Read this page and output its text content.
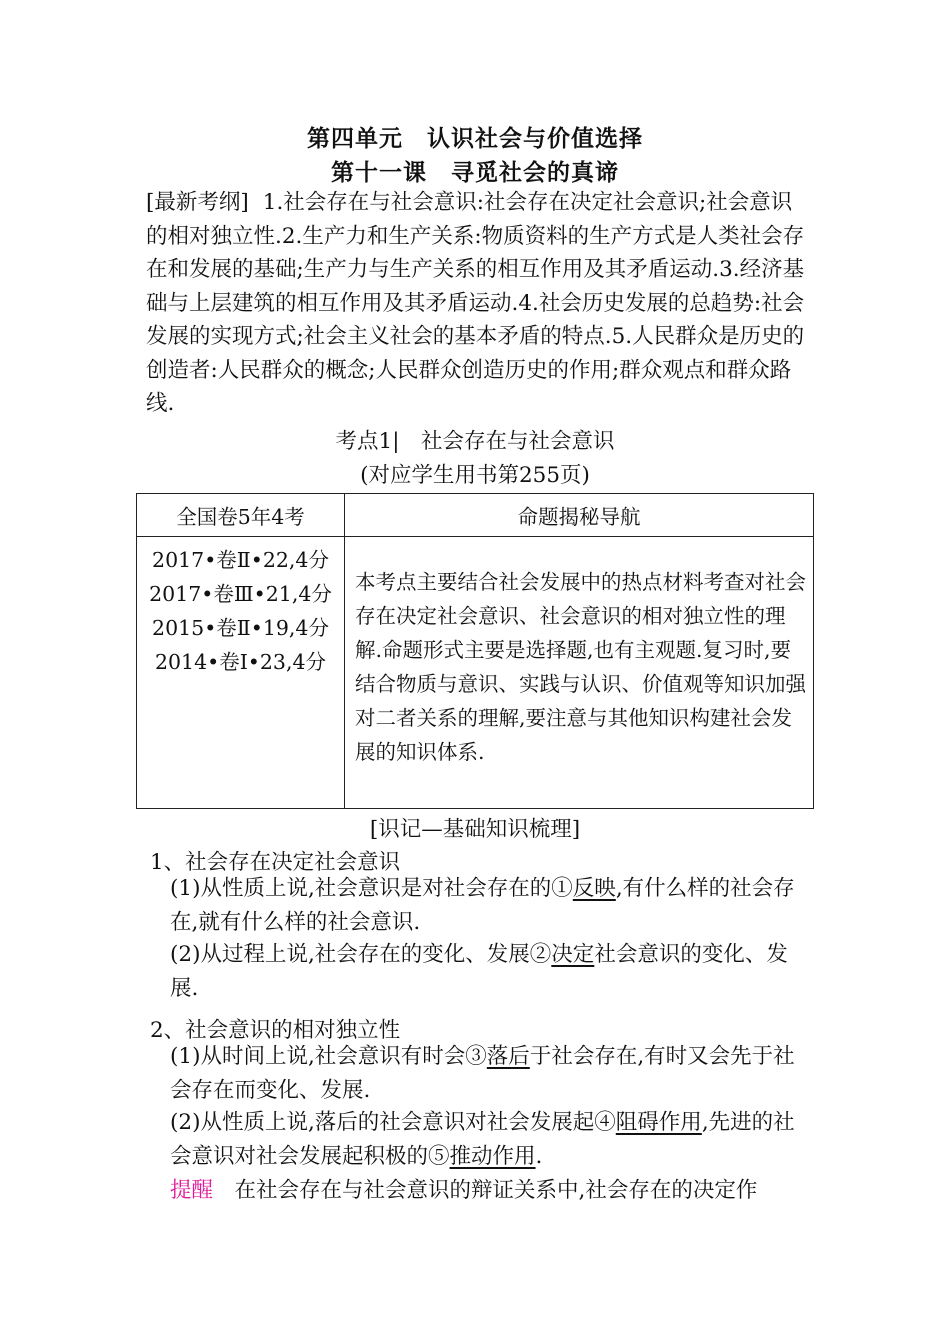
第四单元　认识社会与价值选择
第十一课　寻觅社会的真谛
[最新考纲] 1.社会存在与社会意识:社会存在决定社会意识;社会意识的相对独立性.2.生产力和生产关系:物质资料的生产方式是人类社会存在和发展的基础;生产力与生产关系的相互作用及其矛盾运动.3.经济基础与上层建筑的相互作用及其矛盾运动.4.社会历史发展的总趋势:社会发展的实现方式;社会主义社会的基本矛盾的特点.5.人民群众是历史的创造者:人民群众的概念;人民群众创造历史的作用;群众观点和群众路线.
考点1|　社会存在与社会意识
(对应学生用书第255页)
全国卷5年4考	命题揭秘导航

2017•卷Ⅱ•22,4分
2017•卷Ⅲ•21,4分
2015•卷Ⅱ•19,4分
2014•卷Ⅰ•23,4分	本考点主要结合社会发展中的热点材料考查对社会存在决定社会意识、社会意识的相对独立性的理解.命题形式主要是选择题,也有主观题.复习时,要结合物质与意识、实践与认识、价值观等知识加强对二者关系的理解,要注意与其他知识构建社会发展的知识体系.
[识记—基础知识梳理]
1、社会存在决定社会意识
(1)从性质上说,社会意识是对社会存在的①反映,有什么样的社会存在,就有什么样的社会意识.
(2)从过程上说,社会存在的变化、发展②决定社会意识的变化、发展.
2、社会意识的相对独立性
(1)从时间上说,社会意识有时会③落后于社会存在,有时又会先于社会存在而变化、发展.
(2)从性质上说,落后的社会意识对社会发展起④阻碍作用,先进的社会意识对社会发展起积极的⑤推动作用.
提醒　在社会存在与社会意识的辩证关系中,社会存在的决定作
